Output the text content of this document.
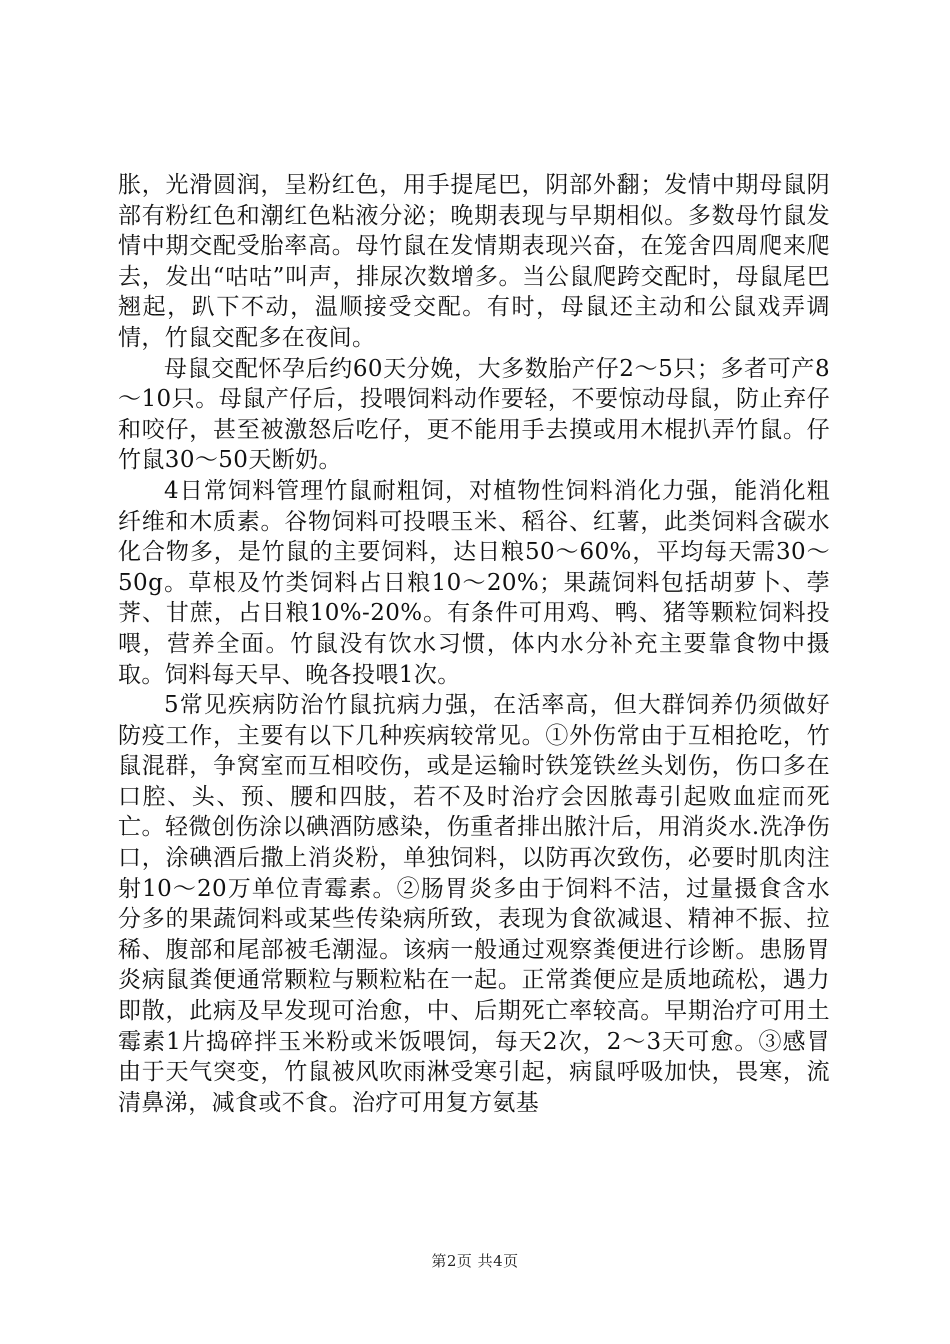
胀，光滑圆润，呈粉红色，用手提尾巴，阴部外翻；发情中期母鼠阴部有粉红色和潮红色粘液分泌；晚期表现与早期相似。多数母竹鼠发情中期交配受胎率高。母竹鼠在发情期表现兴奋，在笼舍四周爬来爬去，发出“咕咕”叫声，排尿次数增多。当公鼠爬跨交配时，母鼠尾巴翘起，趴下不动，温顺接受交配。有时，母鼠还主动和公鼠戏弄调情，竹鼠交配多在夜间。

母鼠交配怀孕后约60天分娩，大多数胎产仔2～5只；多者可产8～10只。母鼠产仔后，投喂饲料动作要轻，不要惊动母鼠，防止弃仔和咬仔，甚至被激怒后吃仔，更不能用手去摸或用木棍扒弄竹鼠。仔竹鼠30～50天断奶。

4日常饲料管理竹鼠耐粗饲，对植物性饲料消化力强，能消化粗纤维和木质素。谷物饲料可投喂玉米、稻谷、红薯，此类饲料含碳水化合物多，是竹鼠的主要饲料，达日粮50～60%，平均每天需30～50g。草根及竹类饲料占日粮10～20%；果蔬饲料包括胡萝卜、荸荠、甘蔗，占日粮10%-20%。有条件可用鸡、鸭、猪等颗粒饲料投喂，营养全面。竹鼠没有饮水习惯，体内水分补充主要靠食物中摄取。饲料每天早、晚各投喂1次。

5常见疾病防治竹鼠抗病力强，在活率高，但大群饲养仍须做好防疫工作，主要有以下几种疾病较常见。①外伤常由于互相抢吃，竹鼠混群，争窝室而互相咬伤，或是运输时铁笼铁丝头划伤，伤口多在口腔、头、预、腰和四肢，若不及时治疗会因脓毒引起败血症而死亡。轻微创伤涂以碘酒防感染，伤重者排出脓汁后，用消炎水.洗净伤口，涂碘酒后撒上消炎粉，单独饲料，以防再次致伤，必要时肌肉注射10～20万单位青霉素。②肠胃炎多由于饲料不洁，过量摄食含水分多的果蔬饲料或某些传染病所致，表现为食欲减退、精神不振、拉稀、腹部和尾部被毛潮湿。该病一般通过观察粪便进行诊断。患肠胃炎病鼠粪便通常颗粒与颗粒粘在一起。正常粪便应是质地疏松，遇力即散，此病及早发现可治愈，中、后期死亡率较高。早期治疗可用土霉素1片捣碎拌玉米粉或米饭喂饲，每天2次，2～3天可愈。③感冒由于天气突变，竹鼠被风吹雨淋受寒引起，病鼠呼吸加快，畏寒，流清鼻涕，减食或不食。治疗可用复方氨基

第2页 共4页
